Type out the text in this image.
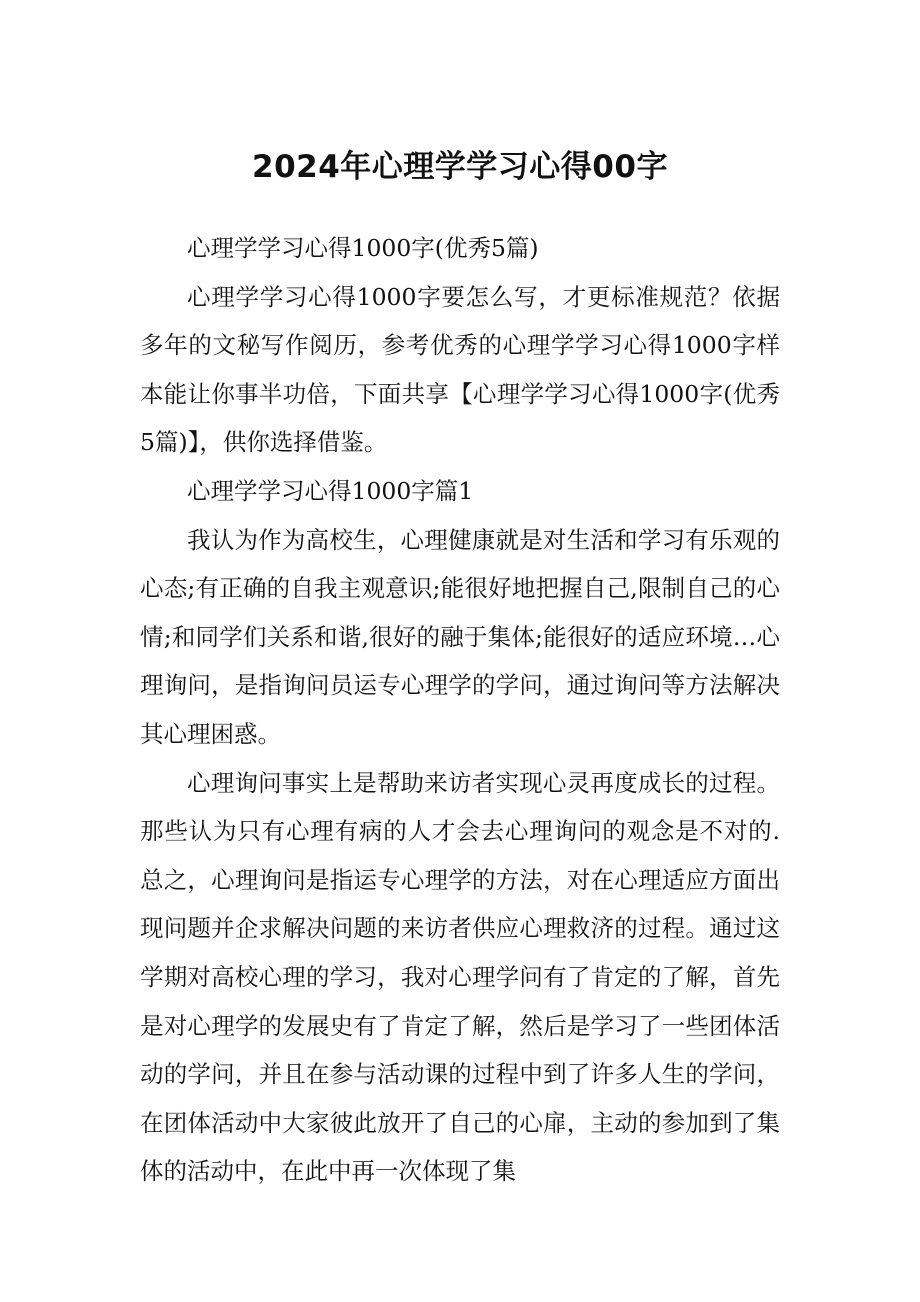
2024年心理学学习心得00字

心理学学习心得1000字(优秀5篇)

心理学学习心得1000字要怎么写，才更标准规范？依据多年的文秘写作阅历，参考优秀的心理学学习心得1000字样本能让你事半功倍，下面共享【心理学学习心得1000字(优秀5篇)】，供你选择借鉴。

心理学学习心得1000字篇1

我认为作为高校生，心理健康就是对生活和学习有乐观的心态;有正确的自我主观意识;能很好地把握自己,限制自己的心情;和同学们关系和谐,很好的融于集体;能很好的适应环境…心理询问，是指询问员运专心理学的学问，通过询问等方法解决其心理困惑。

心理询问事实上是帮助来访者实现心灵再度成长的过程。那些认为只有心理有病的人才会去心理询问的观念是不对的. 总之，心理询问是指运专心理学的方法，对在心理适应方面出现问题并企求解决问题的来访者供应心理救济的过程。通过这学期对高校心理的学习，我对心理学问有了肯定的了解，首先是对心理学的发展史有了肯定了解，然后是学习了一些团体活动的学问，并且在参与活动课的过程中到了许多人生的学问，在团体活动中大家彼此放开了自己的心扉，主动的参加到了集体的活动中，在此中再一次体现了集
